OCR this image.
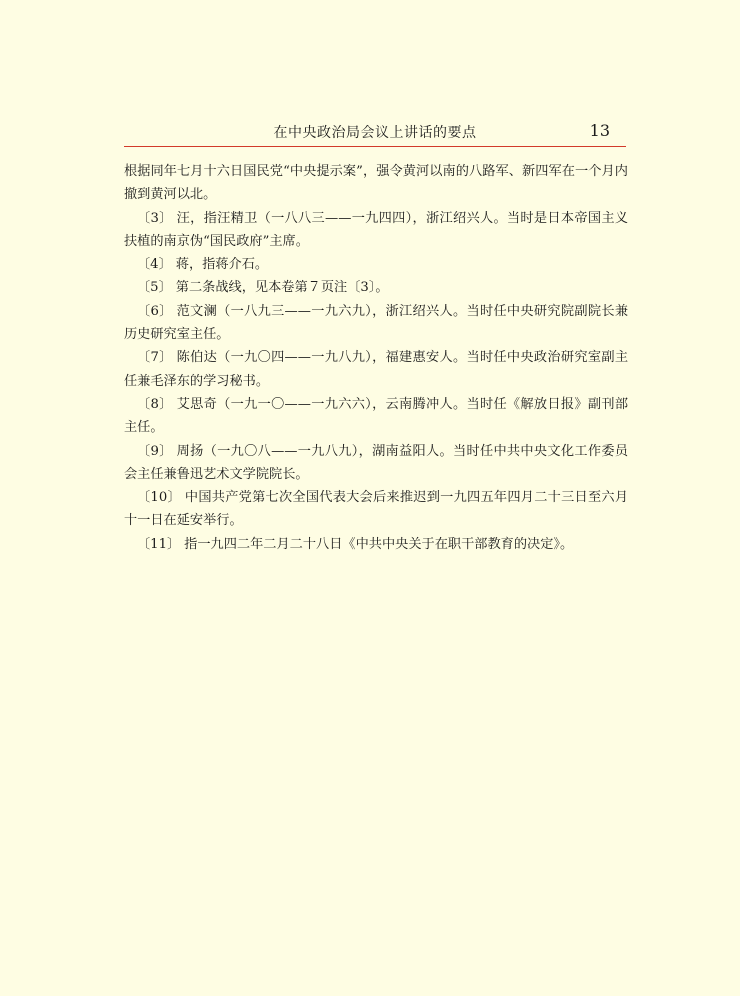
在中央政治局会议上讲话的要点	13

根据同年七月十六日国民党“中央提示案”，强令黄河以南的八路军、新四军在一个月内撤到黄河以北。

〔3〕 汪，指汪精卫（一八八三——一九四四），浙江绍兴人。当时是日本帝国主义扶植的南京伪“国民政府”主席。

〔4〕 蒋，指蒋介石。

〔5〕 第二条战线，见本卷第７页注〔3〕。

〔6〕 范文澜（一八九三——一九六九），浙江绍兴人。当时任中央研究院副院长兼历史研究室主任。

〔7〕 陈伯达（一九〇四——一九八九），福建惠安人。当时任中央政治研究室副主任兼毛泽东的学习秘书。

〔8〕 艾思奇（一九一〇——一九六六），云南腾冲人。当时任《解放日报》副刊部主任。

〔9〕 周扬（一九〇八——一九八九），湖南益阳人。当时任中共中央文化工作委员会主任兼鲁迅艺术文学院院长。

〔10〕 中国共产党第七次全国代表大会后来推迟到一九四五年四月二十三日至六月十一日在延安举行。

〔11〕 指一九四二年二月二十八日《中共中央关于在职干部教育的决定》。
